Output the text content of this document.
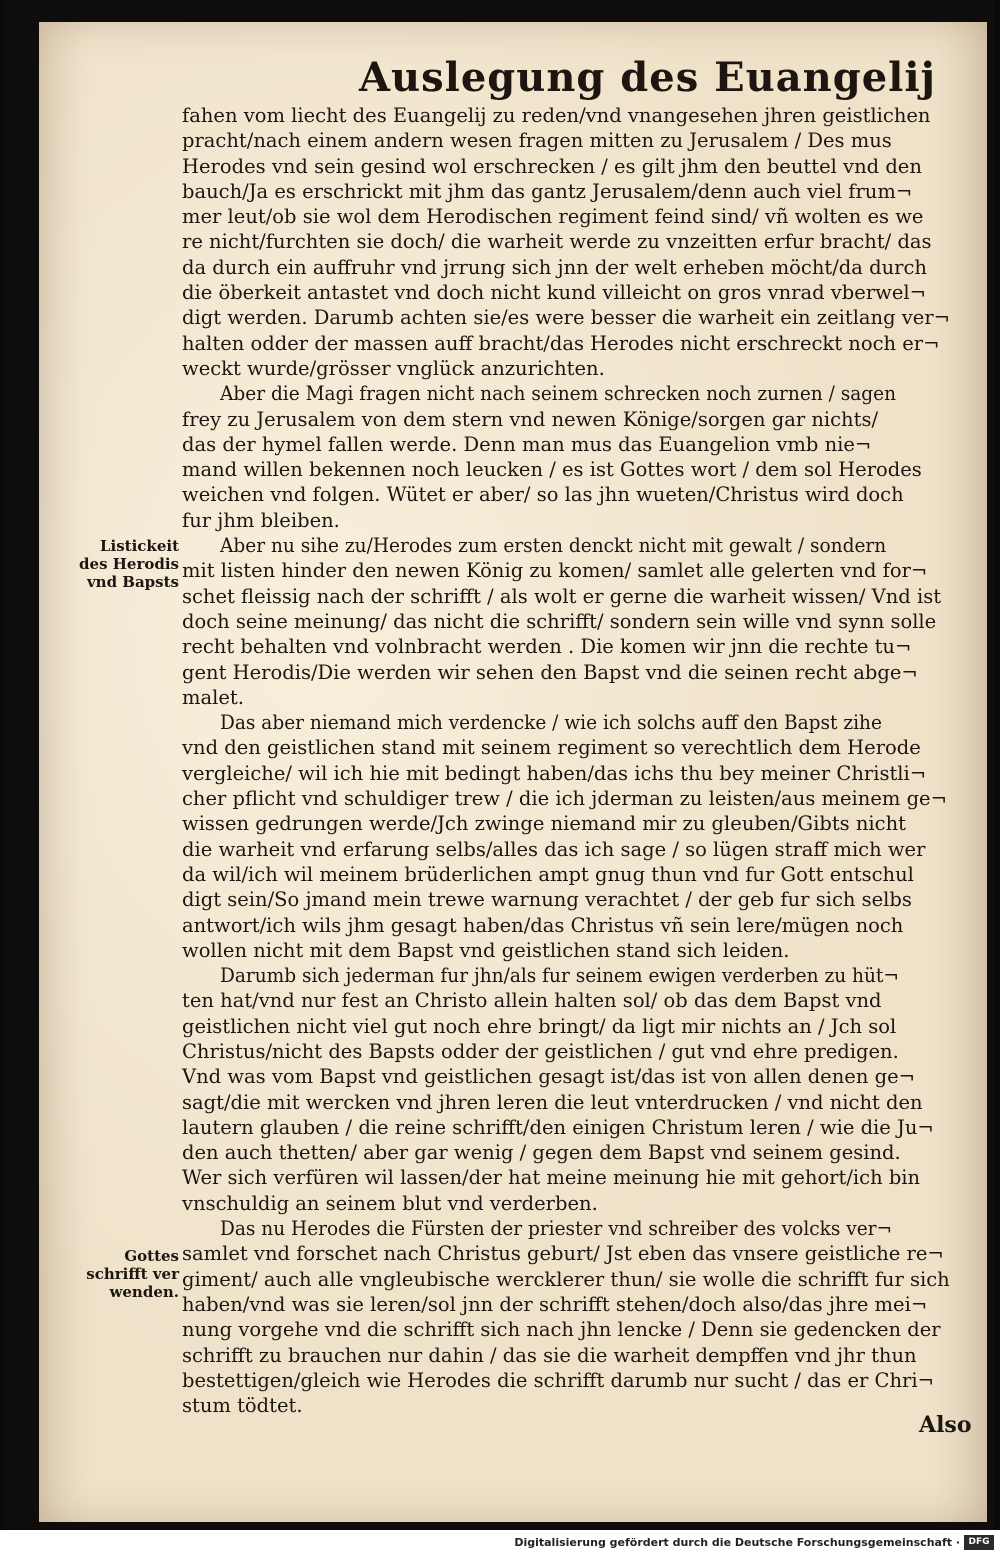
Auslegung des Euangelij
Listickeit
des Herodis
vnd Bapsts
Gottes
schrifft ver
wenden.
fahen vom liecht des Euangelij zu reden/vnd vnangesehen jhren geistlichen
pracht/nach einem andern wesen fragen mitten zu Jerusalem / Des mus
Herodes vnd sein gesind wol erschrecken / es gilt jhm den beuttel vnd den
bauch/Ja es erschrickt mit jhm das gantz Jerusalem/denn auch viel frum¬
mer leut/ob sie wol dem Herodischen regiment feind sind/ vñ wolten es we
re nicht/furchten sie doch/ die warheit werde zu vnzeitten erfur bracht/ das
da durch ein auffruhr vnd jrrung sich jnn der welt erheben möcht/da durch
die öberkeit antastet vnd doch nicht kund villeicht on gros vnrad vberwel¬
digt werden. Darumb achten sie/es were besser die warheit ein zeitlang ver¬
halten odder der massen auff bracht/das Herodes nicht erschreckt noch er¬
weckt wurde/grösser vnglück anzurichten.
Aber die Magi fragen nicht nach seinem schrecken noch zurnen / sagen
frey zu Jerusalem von dem stern vnd newen Könige/sorgen gar nichts/
das der hymel fallen werde. Denn man mus das Euangelion vmb nie¬
mand willen bekennen noch leucken / es ist Gottes wort / dem sol Herodes
weichen vnd folgen. Wütet er aber/ so las jhn wueten/Christus wird doch
fur jhm bleiben.
Aber nu sihe zu/Herodes zum ersten denckt nicht mit gewalt / sondern
mit listen hinder den newen König zu komen/ samlet alle gelerten vnd for¬
schet fleissig nach der schrifft / als wolt er gerne die warheit wissen/ Vnd ist
doch seine meinung/ das nicht die schrifft/ sondern sein wille vnd synn solle
recht behalten vnd volnbracht werden . Die komen wir jnn die rechte tu¬
gent Herodis/Die werden wir sehen den Bapst vnd die seinen recht abge¬
malet.
Das aber niemand mich verdencke / wie ich solchs auff den Bapst zihe
vnd den geistlichen stand mit seinem regiment so verechtlich dem Herode
vergleiche/ wil ich hie mit bedingt haben/das ichs thu bey meiner Christli¬
cher pflicht vnd schuldiger trew / die ich jderman zu leisten/aus meinem ge¬
wissen gedrungen werde/Jch zwinge niemand mir zu gleuben/Gibts nicht
die warheit vnd erfarung selbs/alles das ich sage / so lügen straff mich wer
da wil/ich wil meinem brüderlichen ampt gnug thun vnd fur Gott entschul
digt sein/So jmand mein trewe warnung verachtet / der geb fur sich selbs
antwort/ich wils jhm gesagt haben/das Christus vñ sein lere/mügen noch
wollen nicht mit dem Bapst vnd geistlichen stand sich leiden.
Darumb sich jederman fur jhn/als fur seinem ewigen verderben zu hüt¬
ten hat/vnd nur fest an Christo allein halten sol/ ob das dem Bapst vnd
geistlichen nicht viel gut noch ehre bringt/ da ligt mir nichts an / Jch sol
Christus/nicht des Bapsts odder der geistlichen / gut vnd ehre predigen.
Vnd was vom Bapst vnd geistlichen gesagt ist/das ist von allen denen ge¬
sagt/die mit wercken vnd jhren leren die leut vnterdrucken / vnd nicht den
lautern glauben / die reine schrifft/den einigen Christum leren / wie die Ju¬
den auch thetten/ aber gar wenig / gegen dem Bapst vnd seinem gesind.
Wer sich verfüren wil lassen/der hat meine meinung hie mit gehort/ich bin
vnschuldig an seinem blut vnd verderben.
Das nu Herodes die Fürsten der priester vnd schreiber des volcks ver¬
samlet vnd forschet nach Christus geburt/ Jst eben das vnsere geistliche re¬
giment/ auch alle vngleubische wercklerer thun/ sie wolle die schrifft fur sich
haben/vnd was sie leren/sol jnn der schrifft stehen/doch also/das jhre mei¬
nung vorgehe vnd die schrifft sich nach jhn lencke / Denn sie gedencken der
schrifft zu brauchen nur dahin / das sie die warheit dempffen vnd jhr thun
bestettigen/gleich wie Herodes die schrifft darumb nur sucht / das er Chri¬
stum tödtet.
Also
Digitalisierung gefördert durch die Deutsche Forschungsgemeinschaft · DFG
